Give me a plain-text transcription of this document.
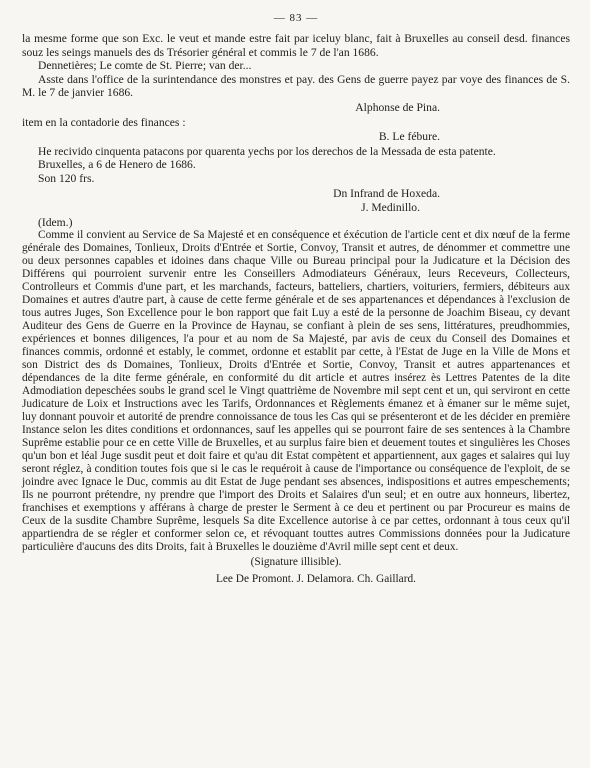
— 83 —

la mesme forme que son Exc. le veut et mande estre fait par iceluy blanc, fait à Bruxelles au conseil desd. finances souz les seings manuels des ds Trésorier général et commis le 7 de l'an 1686.

Dennetières; Le comte de St. Pierre; van der...

Asste dans l'office de la surintendance des monstres et pay. des Gens de guerre payez par voye des finances de S. M. le 7 de janvier 1686.

Alphonse de Pina.

item en la contadorie des finances :

B. Le fébure.

He recivido cinquenta patacons por quarenta yechs por los derechos de la Messada de esta patente.

Bruxelles, a 6 de Henero de 1686.

Son 120 frs.

Dn Infrand de Hoxeda.

J. Medinillo.

(Idem.)

Comme il convient au Service de Sa Majesté et en conséquence et éxécution de l'article cent et dix nœuf de la ferme générale des Domaines, Tonlieux, Droits d'Entrée et Sortie, Convoy, Transit et autres, de dénommer et commettre une ou deux personnes capables et idoines dans chaque Ville ou Bureau principal pour la Judicature et la Décision des Différens qui pourroient survenir entre les Conseillers Admodiateurs Généraux, leurs Receveurs, Collecteurs, Controlleurs et Commis d'une part, et les marchands, facteurs, batteliers, chartiers, voituriers, fermiers, débiteurs aux Domaines et autres d'autre part, à cause de cette ferme générale et de ses appartenances et dépendances à l'exclusion de tous autres Juges, Son Excellence pour le bon rapport que fait Luy a esté de la personne de Joachim Biseau, cy devant Auditeur des Gens de Guerre en la Province de Haynau, se confiant à plein de ses sens, littératures, preudhommies, expériences et bonnes diligences, l'a pour et au nom de Sa Majesté, par avis de ceux du Conseil des Domaines et finances commis, ordonné et estably, le commet, ordonne et establit par cette, à l'Estat de Juge en la Ville de Mons et son District des ds Domaines, Tonlieux, Droits d'Entrée et Sortie, Convoy, Transit et autres appartenances et dépendances de la dite ferme générale, en conformité du dit article et autres insérez ès Lettres Patentes de la dite Admodiation depeschées soubs le grand scel le Vingt quattrième de Novembre mil sept cent et un, qui serviront en cette Judicature de Loix et Instructions avec les Tarifs, Ordonnances et Règlements émanez et à émaner sur le même sujet, luy donnant pouvoir et autorité de prendre connoissance de tous les Cas qui se présenteront et de les décider en première Instance selon les dites conditions et ordonnances, sauf les appelles qui se pourront faire de ses sentences à la Chambre Suprême establie pour ce en cette Ville de Bruxelles, et au surplus faire bien et deuement toutes et singulières les Choses qu'un bon et léal Juge susdit peut et doit faire et qu'au dit Estat compètent et appartiennent, aux gages et salaires qui luy seront réglez, à condition toutes fois que si le cas le requéroit à cause de l'importance ou conséquence de l'exploit, de se joindre avec Ignace le Duc, commis au dit Estat de Juge pendant ses absences, indispositions et autres empeschements; Ils ne pourront prétendre, ny prendre que l'import des Droits et Salaires d'un seul; et en outre aux honneurs, libertez, franchises et exemptions y afférans à charge de prester le Serment à ce deu et pertinent ou par Procureur es mains de Ceux de la susdite Chambre Suprême, lesquels Sa dite Excellence autorise à ce par cettes, ordonnant à tous ceux qu'il appartiendra de se régler et conformer selon ce, et révoquant touttes autres Commissions données pour la Judicature particulière d'aucuns des dits Droits, fait à Bruxelles le douzième d'Avril mille sept cent et deux.

(Signature illisible).

Lee De Promont. J. Delamora. Ch. Gaillard.
